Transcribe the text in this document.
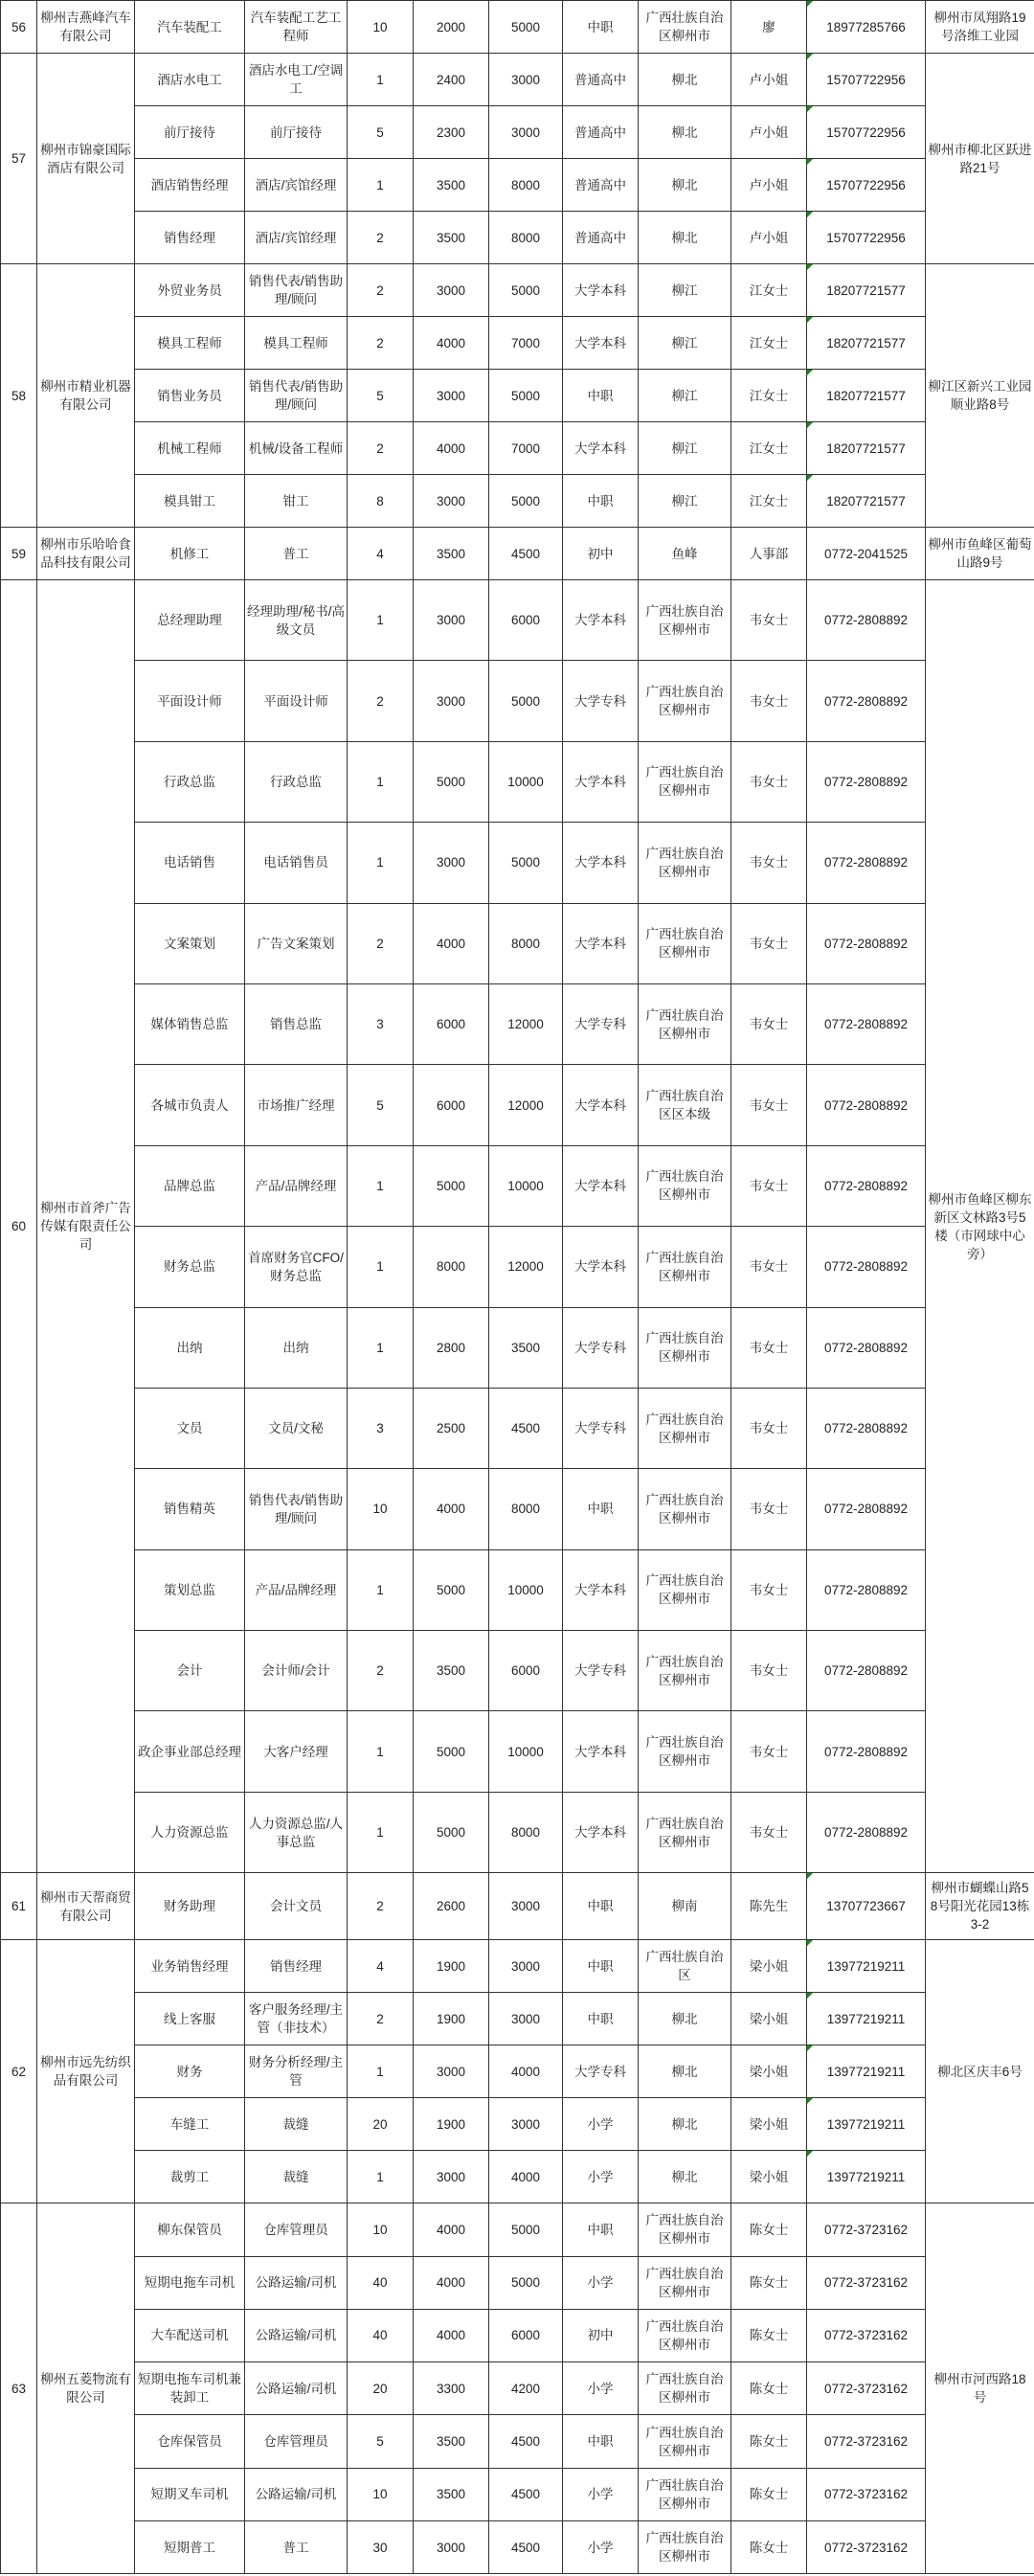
56	柳州吉燕峰汽车有限公司	汽车装配工	汽车装配工艺工程师	10	2000	5000	中职	广西壮族自治区柳州市	廖	18977285766	柳州市凤翔路19号洛维工业园
57	柳州市锦豪国际酒店有限公司	酒店水电工	酒店水电工/空调工	1	2400	3000	普通高中	柳北	卢小姐	15707722956	柳州市柳北区跃进路21号
		前厅接待	前厅接待	5	2300	3000	普通高中	柳北	卢小姐	15707722956	
		酒店销售经理	酒店/宾馆经理	1	3500	8000	普通高中	柳北	卢小姐	15707722956	
		销售经理	酒店/宾馆经理	2	3500	8000	普通高中	柳北	卢小姐	15707722956	
58	柳州市精业机器有限公司	外贸业务员	销售代表/销售助理/顾问	2	3000	5000	大学本科	柳江	江女士	18207721577	柳江区新兴工业园顺业路8号
		模具工程师	模具工程师	2	4000	7000	大学本科	柳江	江女士	18207721577	
		销售业务员	销售代表/销售助理/顾问	5	3000	5000	中职	柳江	江女士	18207721577	
		机械工程师	机械/设备工程师	2	4000	7000	大学本科	柳江	江女士	18207721577	
		模具钳工	钳工	8	3000	5000	中职	柳江	江女士	18207721577	
59	柳州市乐哈哈食品科技有限公司	机修工	普工	4	3500	4500	初中	鱼峰	人事部	0772-2041525	柳州市鱼峰区葡萄山路9号
60	柳州市首斧广告传媒有限责任公司	总经理助理	经理助理/秘书/高级文员	1	3000	6000	大学本科	广西壮族自治区柳州市	韦女士	0772-2808892	柳州市鱼峰区柳东新区文林路3号5楼（市网球中心旁）
		平面设计师	平面设计师	2	3000	5000	大学专科	广西壮族自治区柳州市	韦女士	0772-2808892	
		行政总监	行政总监	1	5000	10000	大学本科	广西壮族自治区柳州市	韦女士	0772-2808892	
		电话销售	电话销售员	1	3000	5000	大学本科	广西壮族自治区柳州市	韦女士	0772-2808892	
		文案策划	广告文案策划	2	4000	8000	大学本科	广西壮族自治区柳州市	韦女士	0772-2808892	
		媒体销售总监	销售总监	3	6000	12000	大学专科	广西壮族自治区柳州市	韦女士	0772-2808892	
		各城市负责人	市场推广经理	5	6000	12000	大学本科	广西壮族自治区区本级	韦女士	0772-2808892	
		品牌总监	产品/品牌经理	1	5000	10000	大学本科	广西壮族自治区柳州市	韦女士	0772-2808892	
		财务总监	首席财务官CFO/财务总监	1	8000	12000	大学本科	广西壮族自治区柳州市	韦女士	0772-2808892	
		出纳	出纳	1	2800	3500	大学专科	广西壮族自治区柳州市	韦女士	0772-2808892	
		文员	文员/文秘	3	2500	4500	大学专科	广西壮族自治区柳州市	韦女士	0772-2808892	
		销售精英	销售代表/销售助理/顾问	10	4000	8000	中职	广西壮族自治区柳州市	韦女士	0772-2808892	
		策划总监	产品/品牌经理	1	5000	10000	大学本科	广西壮族自治区柳州市	韦女士	0772-2808892	
		会计	会计师/会计	2	3500	6000	大学专科	广西壮族自治区柳州市	韦女士	0772-2808892	
		政企事业部总经理	大客户经理	1	5000	10000	大学本科	广西壮族自治区柳州市	韦女士	0772-2808892	
		人力资源总监	人力资源总监/人事总监	1	5000	8000	大学本科	广西壮族自治区柳州市	韦女士	0772-2808892	
61	柳州市天帮商贸有限公司	财务助理	会计文员	2	2600	3000	中职	柳南	陈先生	13707723667	柳州市蝴蝶山路58号阳光花园13栋3-2
62	柳州市远先纺织品有限公司	业务销售经理	销售经理	4	1900	3000	中职	广西壮族自治区	梁小姐	13977219211	柳北区庆丰6号
		线上客服	客户服务经理/主管（非技术）	2	1900	3000	中职	柳北	梁小姐	13977219211	
		财务	财务分析经理/主管	1	3000	4000	大学专科	柳北	梁小姐	13977219211	
		车缝工	裁缝	20	1900	3000	小学	柳北	梁小姐	13977219211	
		裁剪工	裁缝	1	3000	4000	小学	柳北	梁小姐	13977219211	
63	柳州五菱物流有限公司	柳东保管员	仓库管理员	10	4000	5000	中职	广西壮族自治区柳州市	陈女士	0772-3723162	柳州市河西路18号
		短期电拖车司机	公路运输/司机	40	4000	5000	小学	广西壮族自治区柳州市	陈女士	0772-3723162	
		大车配送司机	公路运输/司机	40	4000	6000	初中	广西壮族自治区柳州市	陈女士	0772-3723162	
		短期电拖车司机兼装卸工	公路运输/司机	20	3300	4200	小学	广西壮族自治区柳州市	陈女士	0772-3723162	
		仓库保管员	仓库管理员	5	3500	4500	中职	广西壮族自治区柳州市	陈女士	0772-3723162	
		短期叉车司机	公路运输/司机	10	3500	4500	小学	广西壮族自治区柳州市	陈女士	0772-3723162	
		短期普工	普工	30	3000	4500	小学	广西壮族自治区柳州市	陈女士	0772-3723162	
